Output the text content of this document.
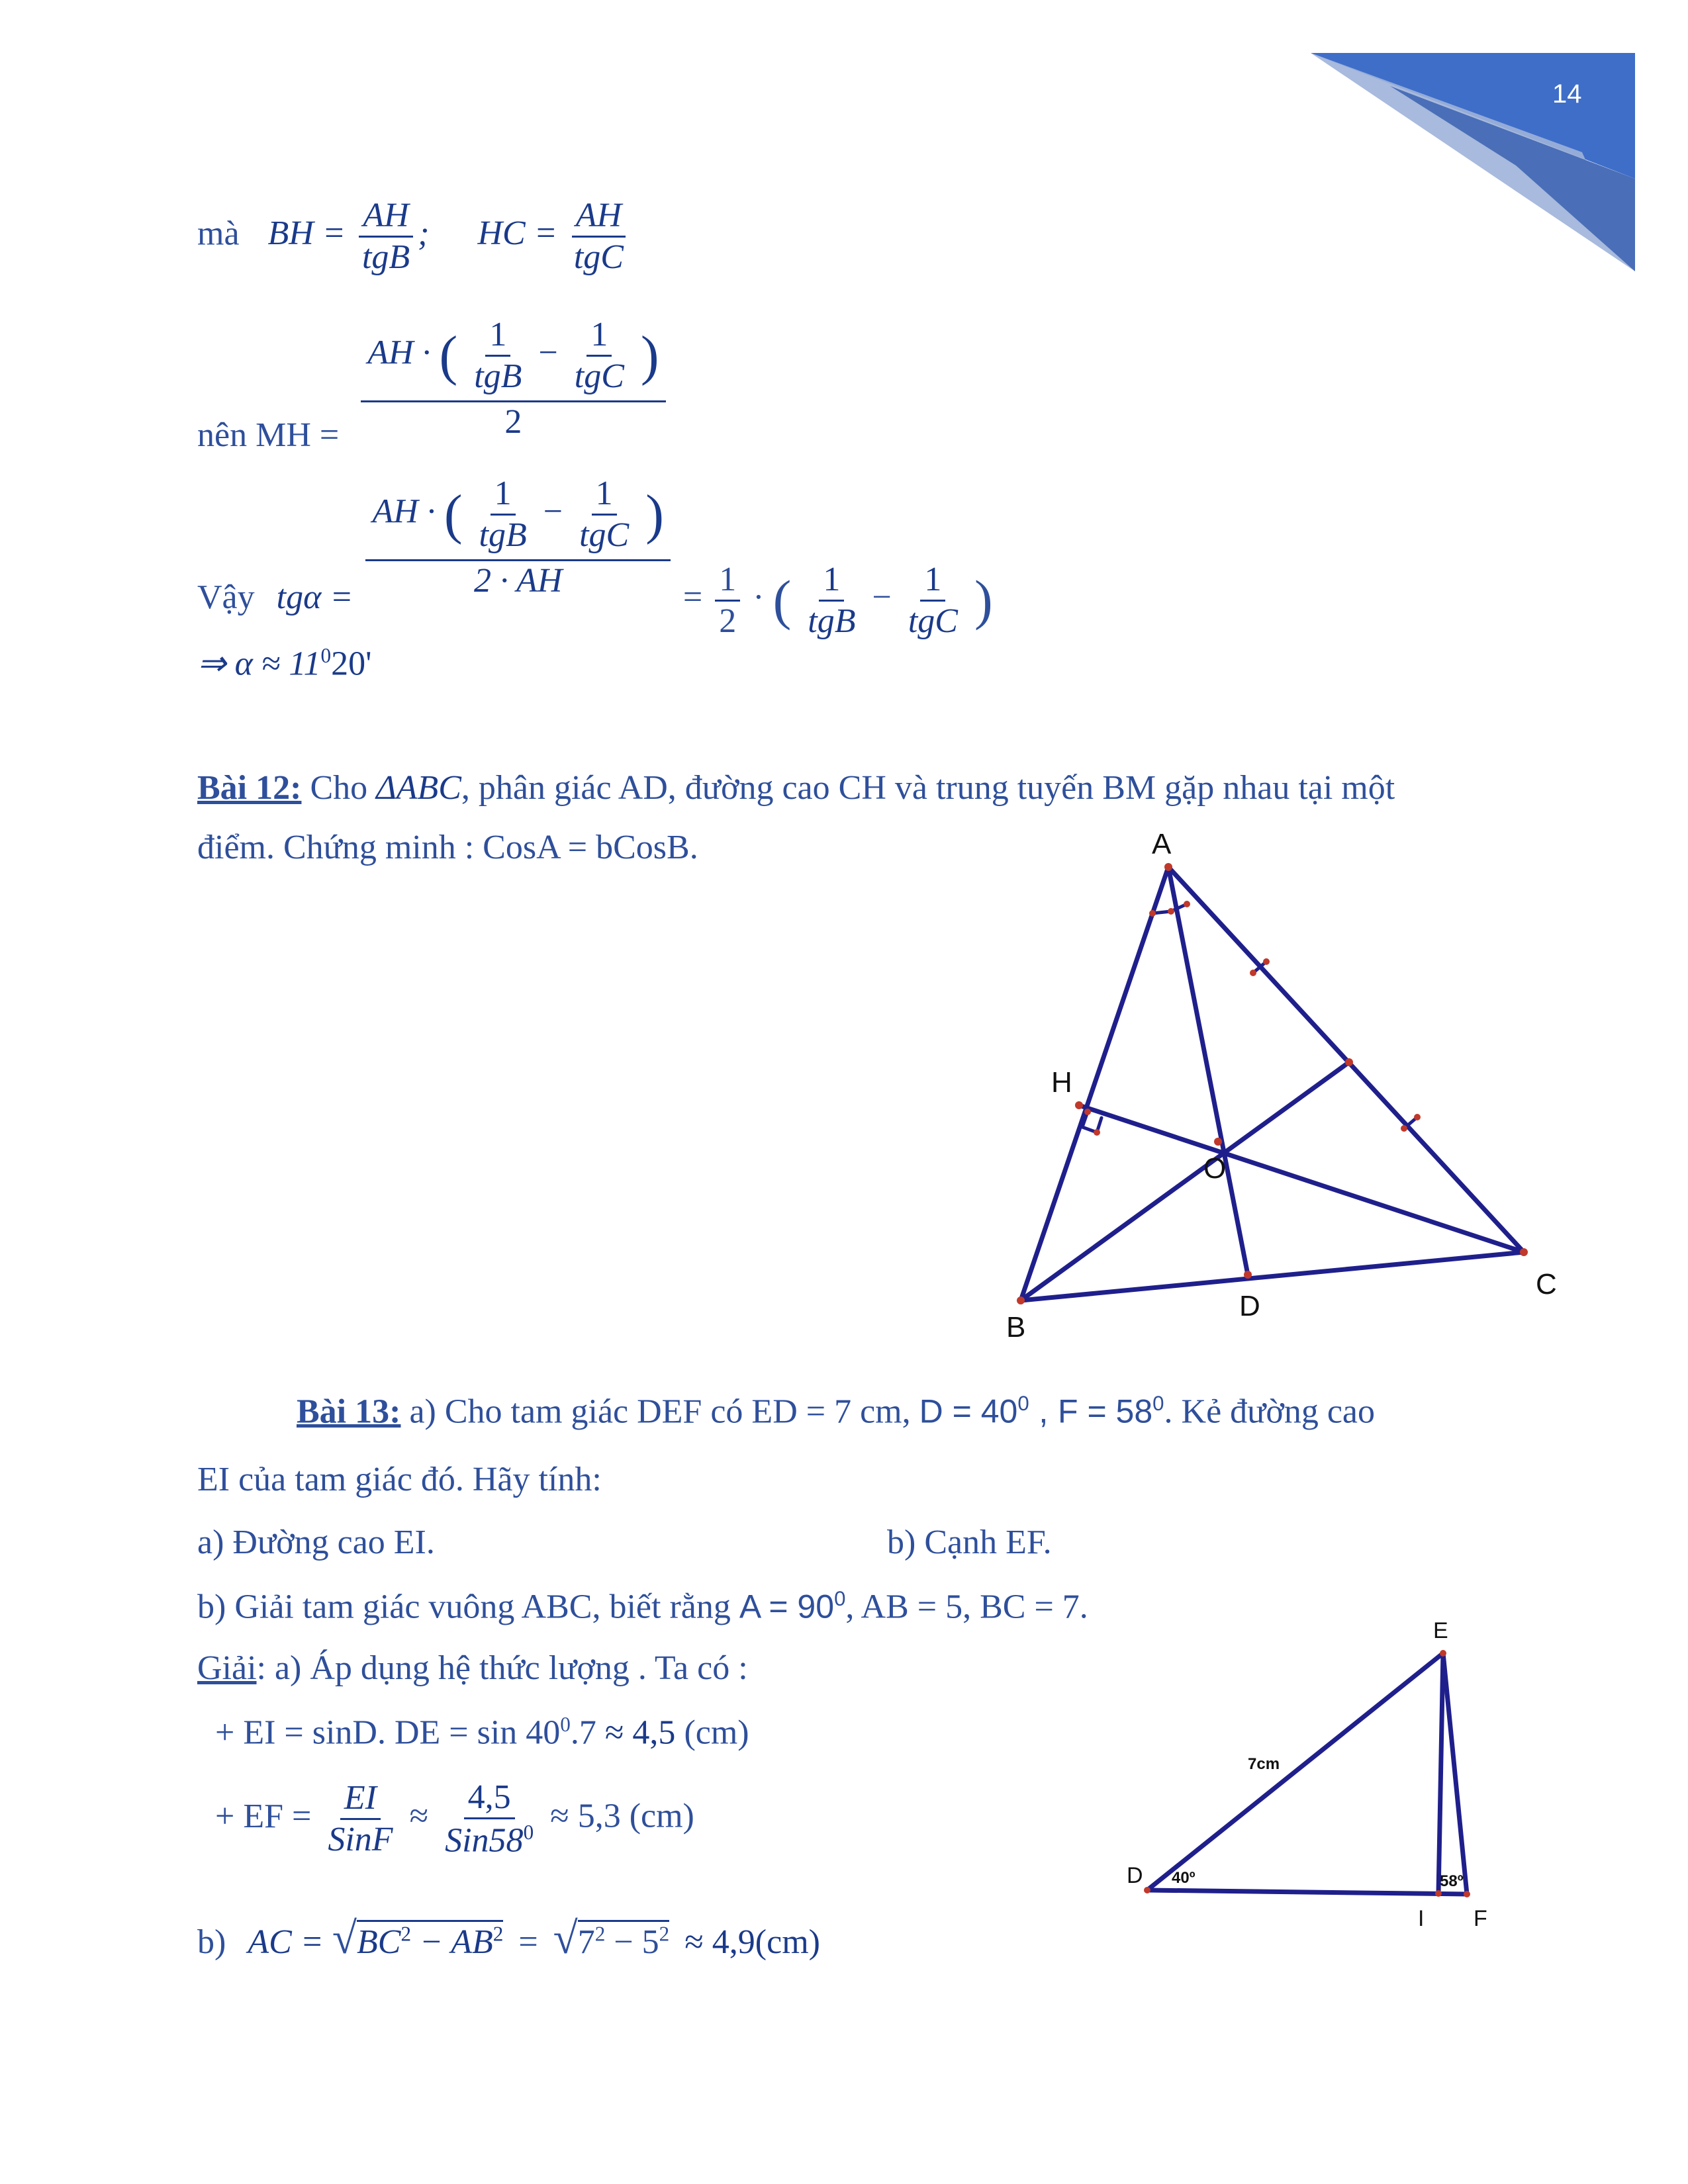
14
mà BH = $\frac{AH}{\text{tgB}}$ ; HC = $\frac{AH}{\text{tgC}}$
nên MH = $\frac{AH \cdot ( \frac{1}{\text{tgB}} - \frac{1}{\text{tgC}} )}{2}$
Vậy $tg\alpha = \frac{AH \cdot ( \frac{1}{\text{tgB}} - \frac{1}{\text{tgC}} )}{2 \cdot AH} = \frac{1}{2}$ · ( $\frac{1}{\text{tgB}} - \frac{1}{\text{tgC}}$ )
⇒ $\alpha \approx 11^020'$
Bài 12: Cho ΔABC, phân giác AD, đường cao CH và trung tuyến BM gặp nhau tại một
điểm. Chứng minh : CosA = bCosB.	A
B
C
D
H
O
Bài 13: a) Cho tam giác DEF có ED = 7 cm, $D = 40^0$ , $F = 58^0$. Kẻ đường cao
EI của tam giác đó. Hãy tính:
a) Đường cao EI.	b) Cạnh EF.
b) Giải tam giác vuông ABC, biết rằng $A = 90^0$, AB = 5, BC = 7.
Giải: a) Áp dụng hệ thức lượng . Ta có :
+ EI = sinD. DE = $\sin 40^0.7 \approx 4,5$ (cm)
+ EF = $\frac{EI}{\text{SinF}} \approx \frac{4,5}{Sin58^0} \approx 5,3$ (cm)
b) AC = $√BC^2 - AB^2 = √7^2 - 5^2 \approx 4,9(cm)$
E
D
F
I
7cm
40º	58º
